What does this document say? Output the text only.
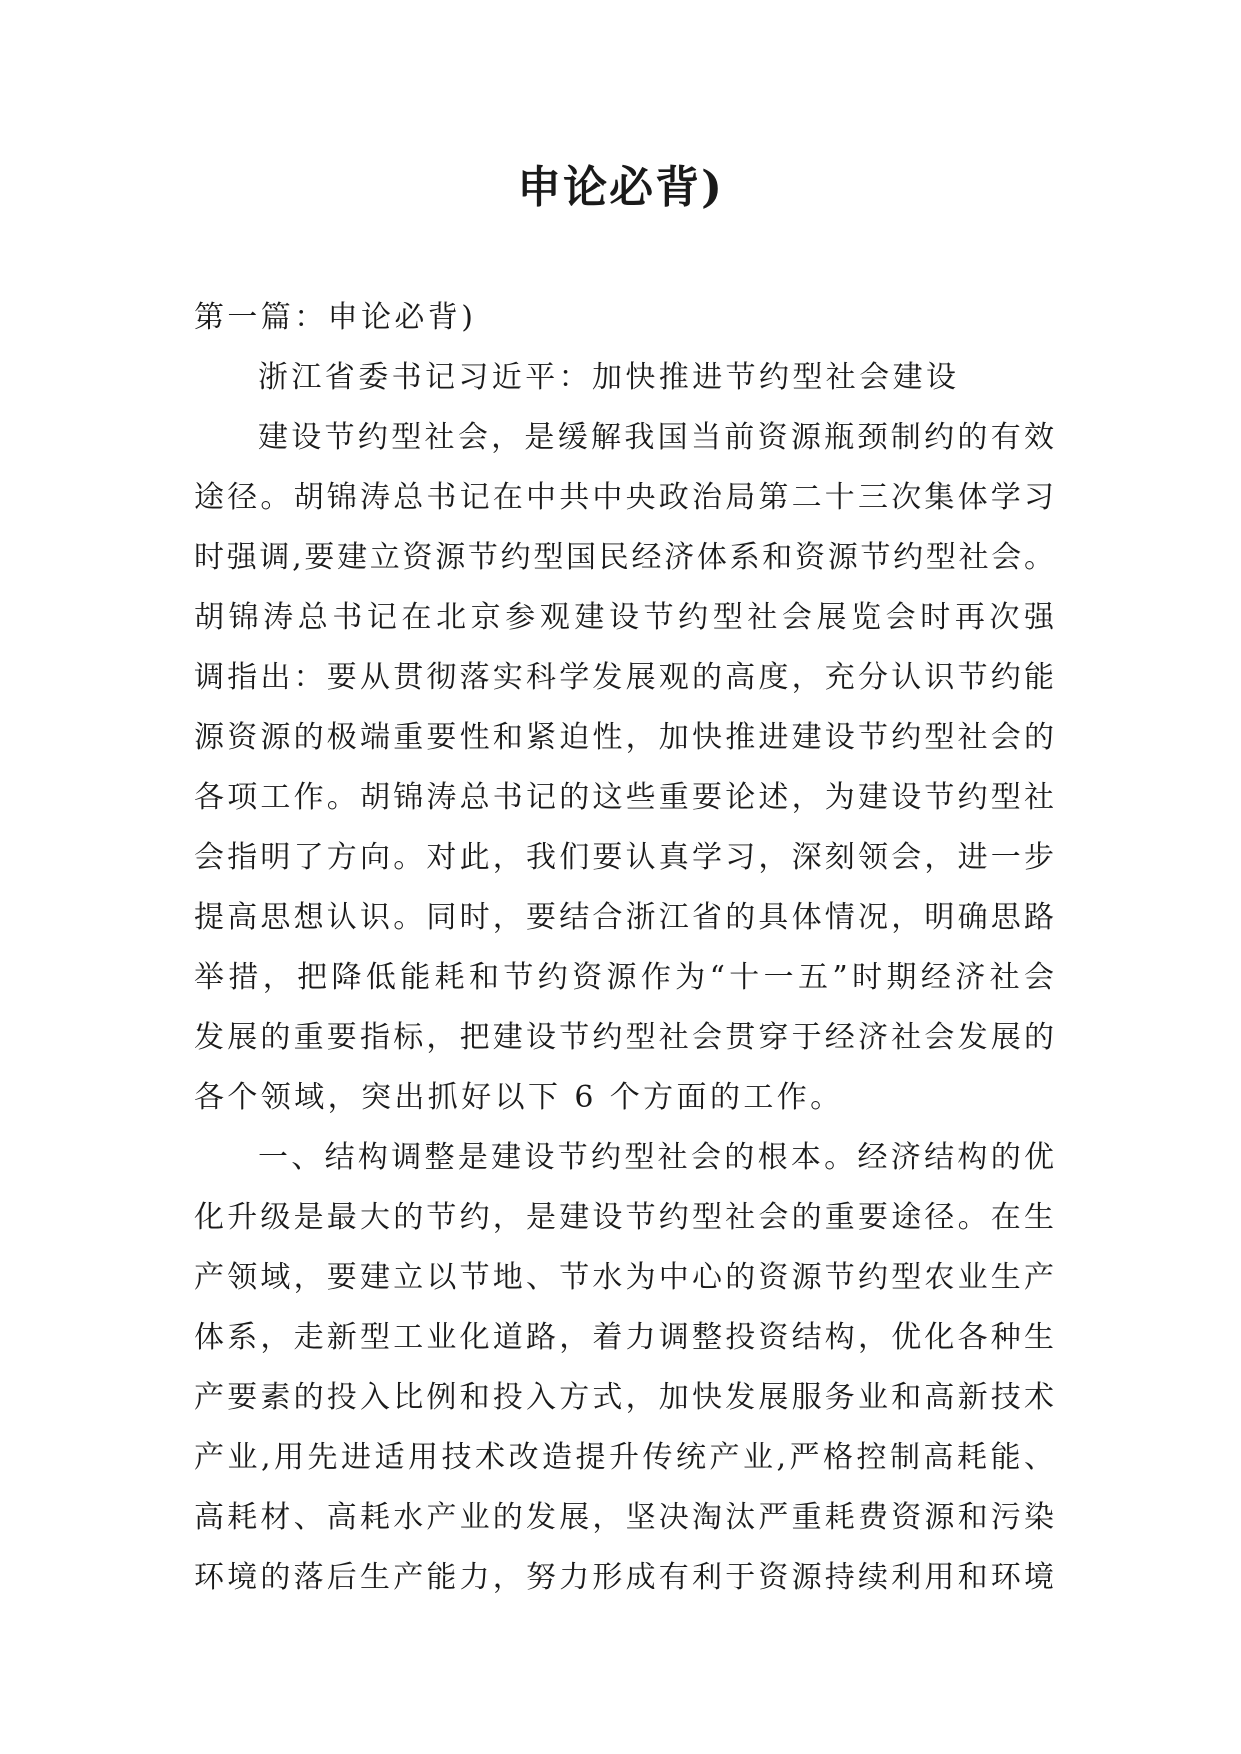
申论必背)
第一篇：申论必背)
浙江省委书记习近平：加快推进节约型社会建设
建设节约型社会，是缓解我国当前资源瓶颈制约的有效
途径。胡锦涛总书记在中共中央政治局第二十三次集体学习
时强调,要建立资源节约型国民经济体系和资源节约型社会。
胡锦涛总书记在北京参观建设节约型社会展览会时再次强
调指出：要从贯彻落实科学发展观的高度，充分认识节约能
源资源的极端重要性和紧迫性，加快推进建设节约型社会的
各项工作。胡锦涛总书记的这些重要论述，为建设节约型社
会指明了方向。对此，我们要认真学习，深刻领会，进一步
提高思想认识。同时，要结合浙江省的具体情况，明确思路
举措，把降低能耗和节约资源作为“十一五”时期经济社会
发展的重要指标，把建设节约型社会贯穿于经济社会发展的
各个领域，突出抓好以下 6 个方面的工作。
一、结构调整是建设节约型社会的根本。经济结构的优
化升级是最大的节约，是建设节约型社会的重要途径。在生
产领域，要建立以节地、节水为中心的资源节约型农业生产
体系，走新型工业化道路，着力调整投资结构，优化各种生
产要素的投入比例和投入方式，加快发展服务业和高新技术
产业,用先进适用技术改造提升传统产业,严格控制高耗能、
高耗材、高耗水产业的发展，坚决淘汰严重耗费资源和污染
环境的落后生产能力，努力形成有利于资源持续利用和环境
